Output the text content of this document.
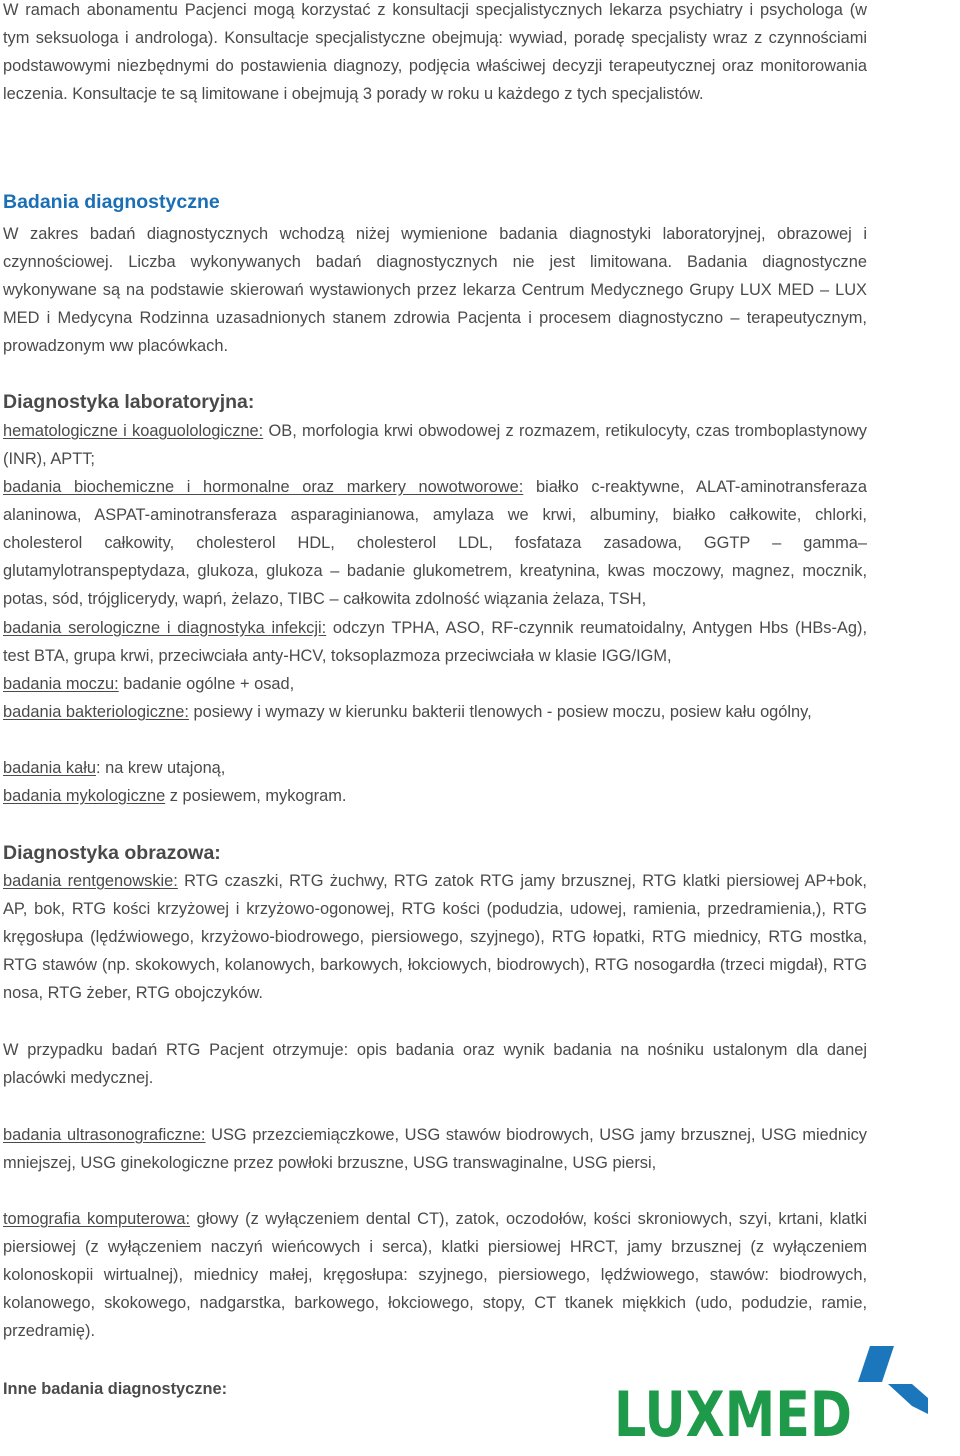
W ramach abonamentu Pacjenci mogą korzystać z konsultacji specjalistycznych lekarza psychiatry i psychologa (w tym seksuologa i androloga). Konsultacje specjalistyczne obejmują: wywiad, poradę specjalisty wraz z czynnościami podstawowymi niezbędnymi do postawienia diagnozy, podjęcia właściwej decyzji terapeutycznej oraz monitorowania leczenia. Konsultacje te są limitowane i obejmują 3 porady w roku u każdego z tych specjalistów.

Badania diagnostyczne

W zakres badań diagnostycznych wchodzą niżej wymienione badania diagnostyki laboratoryjnej, obrazowej i czynnościowej. Liczba wykonywanych badań diagnostycznych nie jest limitowana. Badania diagnostyczne wykonywane są na podstawie skierowań wystawionych przez lekarza Centrum Medycznego Grupy LUX MED – LUX MED i Medycyna Rodzinna uzasadnionych stanem zdrowia Pacjenta i procesem diagnostyczno – terapeutycznym, prowadzonym ww placówkach.

Diagnostyka laboratoryjna:

hematologiczne i koaguolologiczne: OB, morfologia krwi obwodowej z rozmazem, retikulocyty, czas tromboplastynowy (INR), APTT;

badania biochemiczne i hormonalne oraz markery nowotworowe: białko c-reaktywne, ALAT-aminotransferaza alaninowa, ASPAT-aminotransferaza asparaginianowa, amylaza we krwi, albuminy, białko całkowite, chlorki, cholesterol całkowity, cholesterol HDL, cholesterol LDL, fosfataza zasadowa, GGTP – gamma– glutamylotranspeptydaza, glukoza, glukoza – badanie glukometrem, kreatynina, kwas moczowy, magnez, mocznik, potas, sód, trójglicerydy, wapń, żelazo, TIBC – całkowita zdolność wiązania żelaza, TSH,

badania serologiczne i diagnostyka infekcji: odczyn TPHA, ASO, RF-czynnik reumatoidalny, Antygen Hbs (HBs-Ag), test BTA, grupa krwi, przeciwciała anty-HCV, toksoplazmoza przeciwciała w klasie IGG/IGM,

badania moczu: badanie ogólne + osad,

badania bakteriologiczne: posiewy i wymazy w kierunku bakterii tlenowych - posiew moczu, posiew kału ogólny,

badania kału: na krew utajoną,

badania mykologiczne z posiewem, mykogram.

Diagnostyka obrazowa:

badania rentgenowskie: RTG czaszki, RTG żuchwy, RTG zatok RTG jamy brzusznej, RTG klatki piersiowej AP+bok, AP, bok, RTG kości krzyżowej i krzyżowo-ogonowej, RTG kości (podudzia, udowej, ramienia, przedramienia,), RTG kręgosłupa (lędźwiowego, krzyżowo-biodrowego, piersiowego, szyjnego), RTG łopatki, RTG miednicy, RTG mostka, RTG stawów (np. skokowych, kolanowych, barkowych, łokciowych, biodrowych), RTG nosogardła (trzeci migdał), RTG nosa, RTG żeber, RTG obojczyków.

W przypadku badań RTG Pacjent otrzymuje: opis badania oraz wynik badania na nośniku ustalonym dla danej placówki medycznej.

badania ultrasonograficzne: USG przezciemiączkowe, USG stawów biodrowych, USG jamy brzusznej, USG miednicy mniejszej, USG ginekologiczne przez powłoki brzuszne, USG transwaginalne, USG piersi,

tomografia komputerowa: głowy (z wyłączeniem dental CT), zatok, oczodołów, kości skroniowych, szyi, krtani, klatki piersiowej (z wyłączeniem naczyń wieńcowych i serca), klatki piersiowej HRCT, jamy brzusznej (z wyłączeniem kolonoskopii wirtualnej), miednicy małej, kręgosłupa: szyjnego, piersiowego, lędźwiowego, stawów: biodrowych, kolanowego, skokowego, nadgarstka, barkowego, łokciowego, stopy, CT tkanek miękkich (udo, podudzie, ramie, przedramię).

Inne badania diagnostyczne:	LUXMED
